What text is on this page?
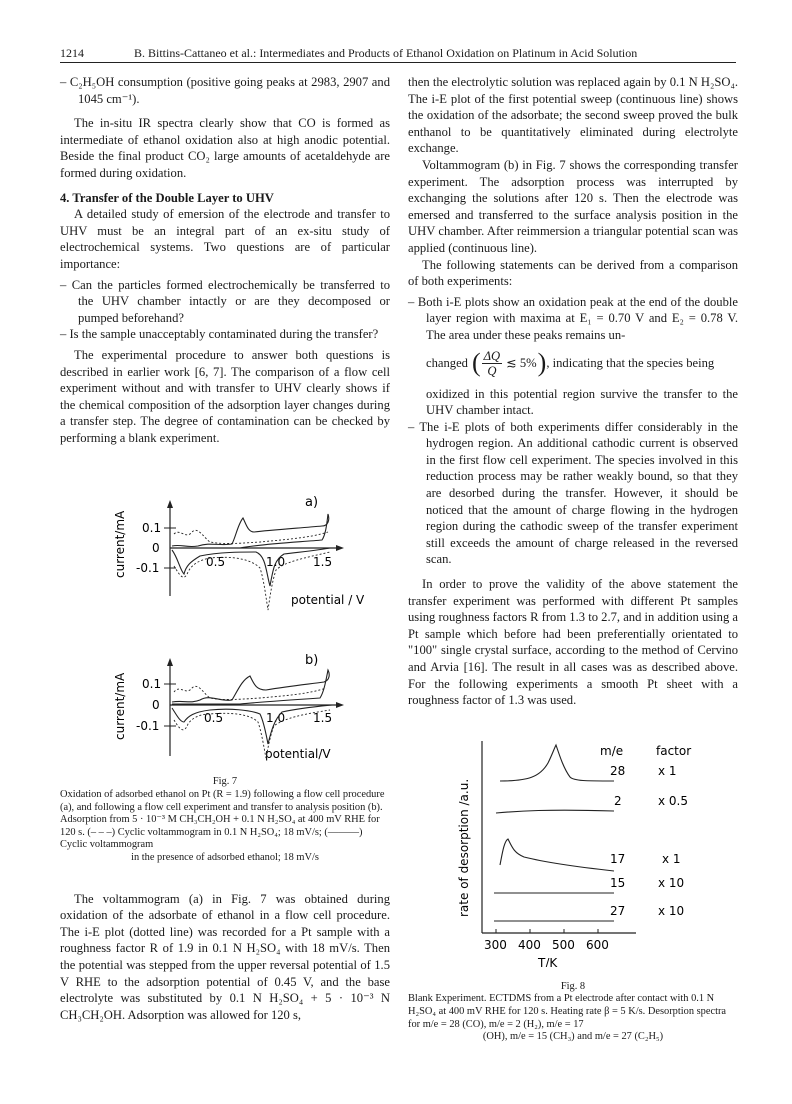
1214	B. Bittins-Cattaneo et al.: Intermediates and Products of Ethanol Oxidation on Platinum in Acid Solution

– C₂H₅OH consumption (positive going peaks at 2983, 2907 and 1045 cm⁻¹).

The in-situ IR spectra clearly show that CO is formed as intermediate of ethanol oxidation also at high anodic potential. Beside the final product CO₂ large amounts of acetaldehyde are formed during oxidation.

4. Transfer of the Double Layer to UHV

A detailed study of emersion of the electrode and transfer to UHV must be an integral part of an ex-situ study of electrochemical systems. Two questions are of particular importance:

– Can the particles formed electrochemically be transferred to the UHV chamber intactly or are they decomposed or pumped beforehand?

– Is the sample unacceptably contaminated during the transfer?

The experimental procedure to answer both questions is described in earlier work [6, 7]. The comparison of a flow cell experiment without and with transfer to UHV clearly shows if the chemical composition of the adsorption layer changes during a transfer step. The degree of contamination can be checked by performing a blank experiment.

a)
current/mA 0.1
0
-0.1	0.5	1.0 1.5
potential / V
b)
current/mA 0.1
0
-0.1
0.5	1.0 1.5
potential/V
Fig. 7
Oxidation of adsorbed ethanol on Pt (R = 1.9) following a flow cell procedure (a), and following a flow cell experiment and transfer to analysis position (b). Adsorption from 5 · 10⁻³ M CH₃CH₂OH + 0.1 N H₂SO₄ at 400 mV RHE for 120 s. (– – –) Cyclic voltammogram in 0.1 N H₂SO₄; 18 mV/s; (———) Cyclic voltammogram
in the presence of adsorbed ethanol; 18 mV/s

The voltammogram (a) in Fig. 7 was obtained during oxidation of the adsorbate of ethanol in a flow cell procedure. The i-E plot (dotted line) was recorded for a Pt sample with a roughness factor R of 1.9 in 0.1 N H₂SO₄ with 18 mV/s. Then the potential was stepped from the upper reversal potential of 1.5 V RHE to the adsorption potential of 0.45 V, and the base electrolyte was substituted by 0.1 N H₂SO₄ + 5 · 10⁻³ N CH₃CH₂OH. Adsorption was allowed for 120 s,

then the electrolytic solution was replaced again by 0.1 N H₂SO₄. The i-E plot of the first potential sweep (continuous line) shows the oxidation of the adsorbate; the second sweep proved the bulk enthanol to be quantitatively eliminated during electrolyte exchange.

Voltammogram (b) in Fig. 7 shows the corresponding transfer experiment. The adsorption process was interrupted by exchanging the solutions after 120 s. Then the electrode was emersed and transferred to the surface analysis position in the UHV chamber. After reimmersion a triangular potential scan was applied (continuous line).

The following statements can be derived from a comparison of both experiments:

– Both i-E plots show an oxidation peak at the end of the double layer region with maxima at E₁ = 0.70 V and E₂ = 0.78 V. The area under these peaks remains un-

changed ( $\frac{\Delta Q}{Q}$ ≲ 5% ) , indicating that the species being

oxidized in this potential region survive the transfer to the UHV chamber intact.

– The i-E plots of both experiments differ considerably in the hydrogen region. An additional cathodic current is observed in the first flow cell experiment. The species involved in this reduction process may be rather weakly bound, so that they are desorbed during the transfer. However, it should be noticed that the amount of charge flowing in the hydrogen region during the cathodic sweep of the transfer experiment still exceeds the amount of charge released in the reversed scan.

In order to prove the validity of the above statement the transfer experiment was performed with different Pt samples using roughness factors R from 1.3 to 2.7, and in addition using a Pt sample which before had been preferentially orientated to "100" single crystal surface, according to the method of Cervino and Arvia [16]. The result in all cases was as described above. For the following experiments a smooth Pt sheet with a roughness factor of 1.3 was used.

rate of desorption /a.u.
300 400 500 600
T/K
m/e	factor
28	x 1
2	x 0.5
17	x 1
15	x 10
27	x 10
Fig. 8
Blank Experiment. ECTDMS from a Pt electrode after contact with 0.1 N H₂SO₄ at 400 mV RHE for 120 s. Heating rate β = 5 K/s. Desorption spectra for m/e = 28 (CO), m/e = 2 (H₂), m/e = 17
(OH), m/e = 15 (CH₃) and m/e = 27 (C₂H₅)
